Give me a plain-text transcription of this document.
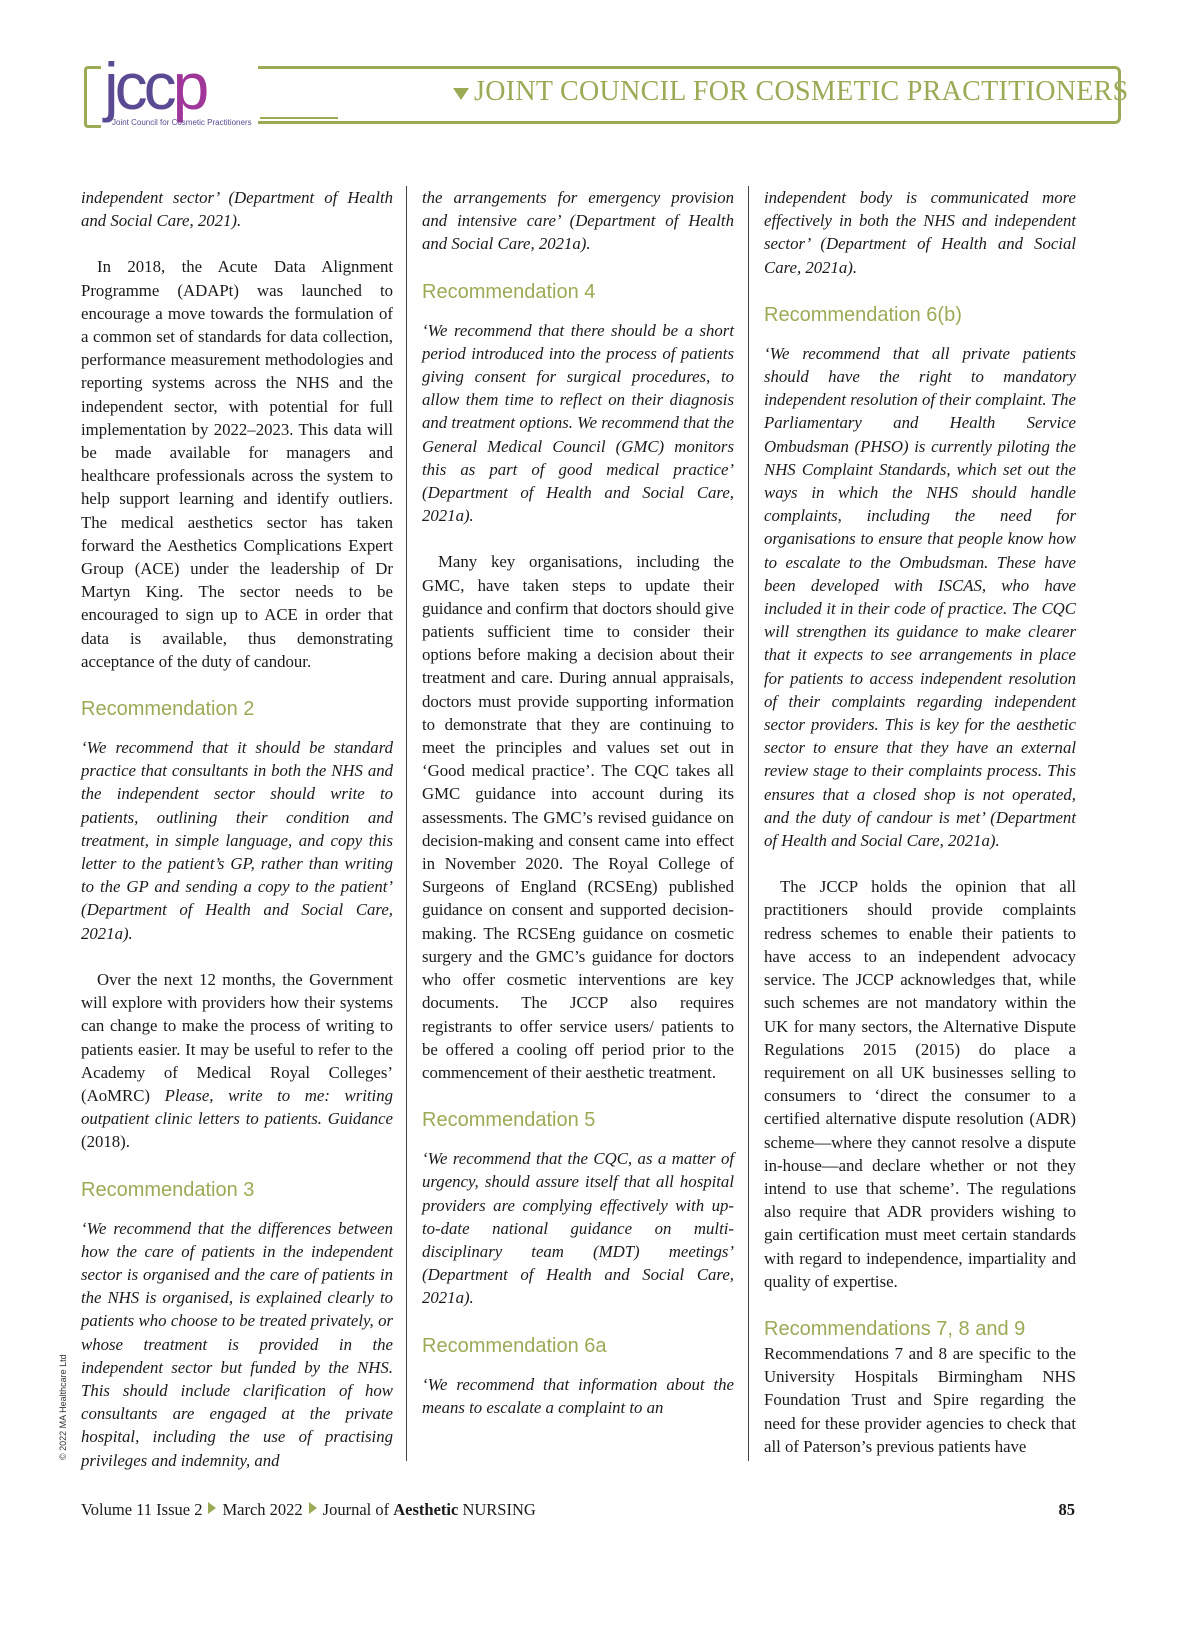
jccp
Joint Council for Cosmetic Practitioners
JOINT COUNCIL FOR COSMETIC PRACTITIONERS

independent sector’ (Department of Health and Social Care, 2021).

In 2018, the Acute Data Alignment Programme (ADAPt) was launched to encourage a move towards the formulation of a common set of standards for data collection, performance measurement methodologies and reporting systems across the NHS and the independent sector, with potential for full implementation by 2022–2023. This data will be made available for managers and healthcare professionals across the system to help support learning and identify outliers. The medical aesthetics sector has taken forward the Aesthetics Complications Expert Group (ACE) under the leadership of Dr Martyn King. The sector needs to be encouraged to sign up to ACE in order that data is available, thus demonstrating acceptance of the duty of candour.

Recommendation 2

‘We recommend that it should be standard practice that consultants in both the NHS and the independent sector should write to patients, outlining their condition and treatment, in simple language, and copy this letter to the patient’s GP, rather than writing to the GP and sending a copy to the patient’ (Department of Health and Social Care, 2021a).

Over the next 12 months, the Government will explore with providers how their systems can change to make the process of writing to patients easier. It may be useful to refer to the Academy of Medical Royal Colleges’ (AoMRC) Please, write to me: writing outpatient clinic letters to patients. Guidance (2018).

Recommendation 3

‘We recommend that the differences between how the care of patients in the independent sector is organised and the care of patients in the NHS is organised, is explained clearly to patients who choose to be treated privately, or whose treatment is provided in the independent sector but funded by the NHS. This should include clarification of how consultants are engaged at the private hospital, including the use of practising privileges and indemnity, and

the arrangements for emergency provision and intensive care’ (Department of Health and Social Care, 2021a).

Recommendation 4

‘We recommend that there should be a short period introduced into the process of patients giving consent for surgical procedures, to allow them time to reflect on their diagnosis and treatment options. We recommend that the General Medical Council (GMC) monitors this as part of good medical practice’ (Department of Health and Social Care, 2021a).

Many key organisations, including the GMC, have taken steps to update their guidance and confirm that doctors should give patients sufficient time to consider their options before making a decision about their treatment and care. During annual appraisals, doctors must provide supporting information to demonstrate that they are continuing to meet the principles and values set out in ‘Good medical practice’. The CQC takes all GMC guidance into account during its assessments. The GMC’s revised guidance on decision-making and consent came into effect in November 2020. The Royal College of Surgeons of England (RCSEng) published guidance on consent and supported decision-making. The RCSEng guidance on cosmetic surgery and the GMC’s guidance for doctors who offer cosmetic interventions are key documents. The JCCP also requires registrants to offer service users/ patients to be offered a cooling off period prior to the commencement of their aesthetic treatment.

Recommendation 5

‘We recommend that the CQC, as a matter of urgency, should assure itself that all hospital providers are complying effectively with up-to-date national guidance on multi-disciplinary team (MDT) meetings’ (Department of Health and Social Care, 2021a).

Recommendation 6a

‘We recommend that information about the means to escalate a complaint to an

independent body is communicated more effectively in both the NHS and independent sector’ (Department of Health and Social Care, 2021a).

Recommendation 6(b)

‘We recommend that all private patients should have the right to mandatory independent resolution of their complaint. The Parliamentary and Health Service Ombudsman (PHSO) is currently piloting the NHS Complaint Standards, which set out the ways in which the NHS should handle complaints, including the need for organisations to ensure that people know how to escalate to the Ombudsman. These have been developed with ISCAS, who have included it in their code of practice. The CQC will strengthen its guidance to make clearer that it expects to see arrangements in place for patients to access independent resolution of their complaints regarding independent sector providers. This is key for the aesthetic sector to ensure that they have an external review stage to their complaints process. This ensures that a closed shop is not operated, and the duty of candour is met’ (Department of Health and Social Care, 2021a).

The JCCP holds the opinion that all practitioners should provide complaints redress schemes to enable their patients to have access to an independent advocacy service. The JCCP acknowledges that, while such schemes are not mandatory within the UK for many sectors, the Alternative Dispute Regulations 2015 (2015) do place a requirement on all UK businesses selling to consumers to ‘direct the consumer to a certified alternative dispute resolution (ADR) scheme—where they cannot resolve a dispute in-house—and declare whether or not they intend to use that scheme’. The regulations also require that ADR providers wishing to gain certification must meet certain standards with regard to independence, impartiality and quality of expertise.

Recommendations 7, 8 and 9

Recommendations 7 and 8 are specific to the University Hospitals Birmingham NHS Foundation Trust and Spire regarding the need for these provider agencies to check that all of Paterson’s previous patients have

© 2022 MA Healthcare Ltd
Volume 11 Issue 2 March 2022 Journal of Aesthetic NURSING	85
